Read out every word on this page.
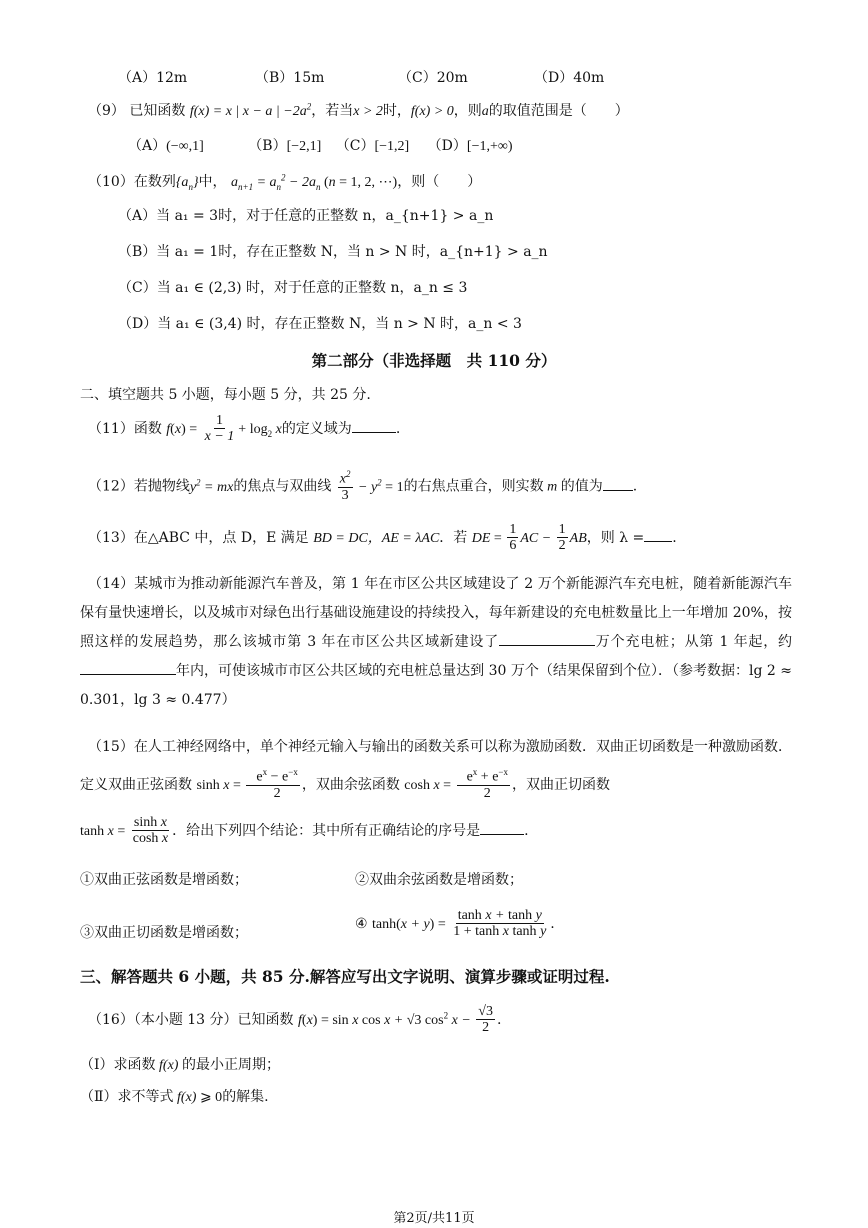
（A）12m	（B）15m	（C）20m	（D）40m
（9） 已知函数 f(x) = x | x − a | $-2a^2$，若当x > 2时，f(x) > 0，则a的取值范围是（　　）
（A）(−∞,1]	（B）[−2,1] （C）[−1,2] （D）[−1,+∞)
（10）在数列$\{a_n\}$中， $a_{n+1} = a_n^2 - 2a_n$ (n = 1, 2, ⋯)，则（　　）
（A）当 a₁ = 3时，对于任意的正整数 n，a_{n+1} > a_n
（B）当 a₁ = 1时，存在正整数 N，当 n > N 时，a_{n+1} > a_n
（C）当 a₁ ∈ (2,3) 时，对于任意的正整数 n，a_n ≤ 3
（D）当 a₁ ∈ (3,4) 时，存在正整数 N，当 n > N 时，a_n < 3
第二部分（非选择题　共 110 分）
二、填空题共 5 小题，每小题 5 分，共 25 分.
（11）函数 $f(x) = \frac{1}{x - 1} + \log_2 x$的定义域为	.
（12）若抛物线$y^2$ = mx的焦点与双曲线 $\frac{x^2}{3} - y^2 = 1$的右焦点重合，则实数 m 的值为 .
（13）在△ABC 中，点 D，E 满足 BD = DC，AE = λAC．若 DE = $\frac{1}{6}$ AC − $\frac{1}{2}$ AB，则 λ = .
（14）某城市为推动新能源汽车普及，第 1 年在市区公共区域建设了 2 万个新能源汽车充电桩，随着新能源汽车保有量快速增长，以及城市对绿色出行基础设施建设的持续投入，每年新建设的充电桩数量比上一年增加 20%，按照这样的发展趋势，那么该城市第 3 年在市区公共区域新建设了	万个充电桩；从第 1 年起，约年内，可使该城市市区公共区域的充电桩总量达到 30 万个（结果保留到个位）．（参考数据：lg 2 ≈ 0.301，lg 3 ≈ 0.477）
（15）在人工神经网络中，单个神经元输入与输出的函数关系可以称为激励函数．双曲正切函数是一种激励函数．定义双曲正弦函数 $\sinh x = \frac{e^x - e^{-x}}{2}$ ，双曲余弦函数 $\cosh x = \frac{e^x + e^{-x}}{2}$ ，双曲正切函数
$\tanh x = \frac{\text{sinh x}}{\text{cosh x}}$ ．给出下列四个结论：其中所有正确结论的序号是	.
①双曲正弦函数是增函数；	②双曲余弦函数是增函数；
③双曲正切函数是增函数；
④ $\tanh(x + y) = \frac{\text{tanh x + tanh y}}{\text{1 + tanh x tanh y}}$ .
三、解答题共 6 小题，共 85 分.解答应写出文字说明、演算步骤或证明过程.
（16）（本小题 13 分）已知函数 f(x) = sin x cos x + √3 $\cos^2 x - \frac{√3}{2}$ .
（Ⅰ）求函数 f(x) 的最小正周期；
（Ⅱ）求不等式 f(x) ⩾ 0的解集.
第2页/共11页
